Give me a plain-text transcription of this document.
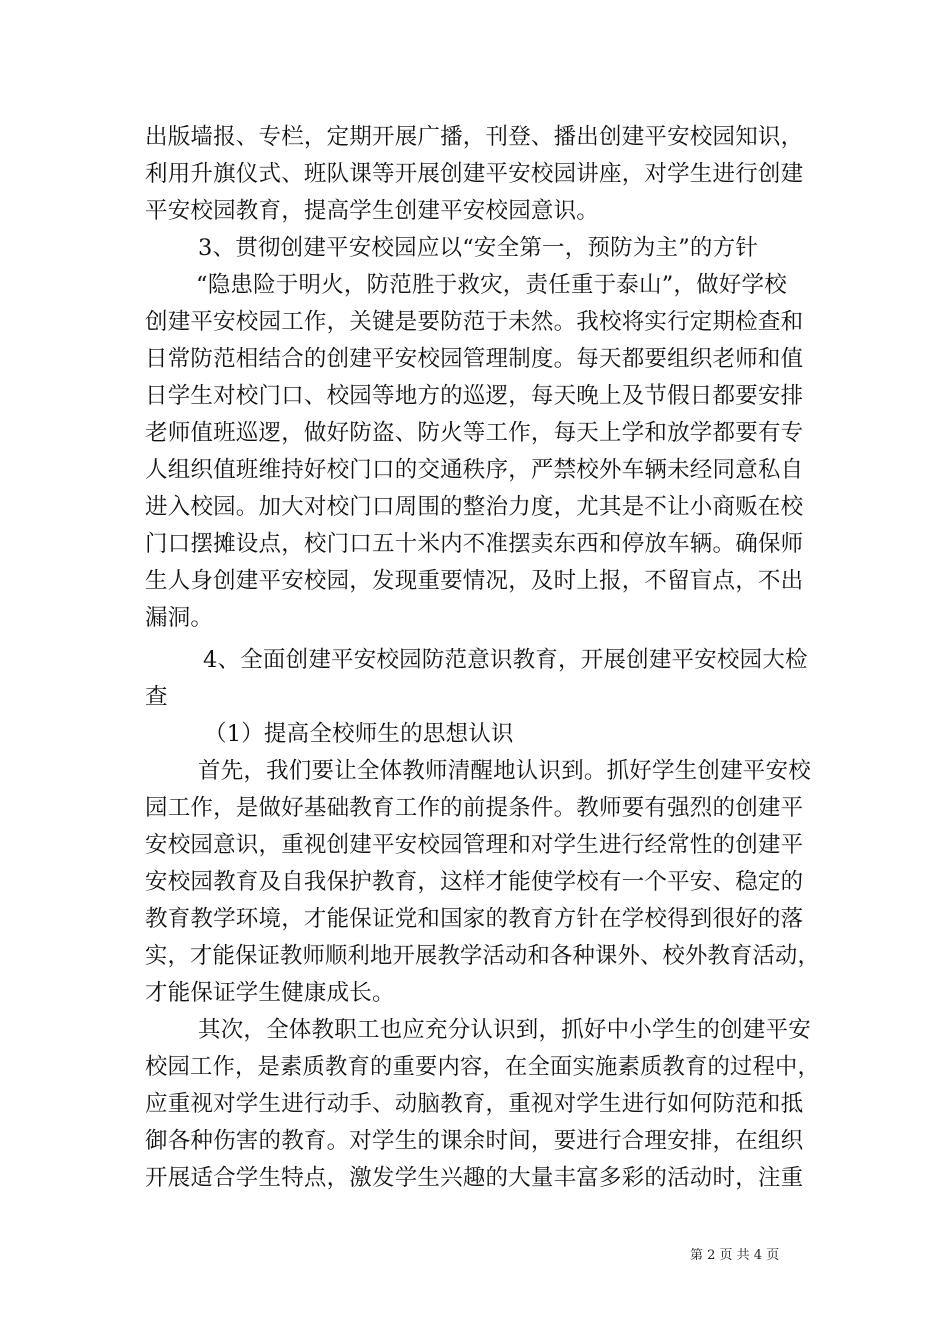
出版墙报、专栏，定期开展广播，刊登、播出创建平安校园知识，
利用升旗仪式、班队课等开展创建平安校园讲座，对学生进行创建
平安校园教育，提高学生创建平安校园意识。
3、贯彻创建平安校园应以“安全第一，预防为主”的方针
“隐患险于明火，防范胜于救灾，责任重于泰山”，做好学校
创建平安校园工作，关键是要防范于未然。我校将实行定期检查和
日常防范相结合的创建平安校园管理制度。每天都要组织老师和值
日学生对校门口、校园等地方的巡逻，每天晚上及节假日都要安排
老师值班巡逻，做好防盗、防火等工作，每天上学和放学都要有专
人组织值班维持好校门口的交通秩序，严禁校外车辆未经同意私自
进入校园。加大对校门口周围的整治力度，尤其是不让小商贩在校
门口摆摊设点，校门口五十米内不准摆卖东西和停放车辆。确保师
生人身创建平安校园，发现重要情况，及时上报，不留盲点，不出
漏洞。
4、全面创建平安校园防范意识教育，开展创建平安校园大检
查
（1）提高全校师生的思想认识
首先，我们要让全体教师清醒地认识到。抓好学生创建平安校
园工作，是做好基础教育工作的前提条件。教师要有强烈的创建平
安校园意识，重视创建平安校园管理和对学生进行经常性的创建平
安校园教育及自我保护教育，这样才能使学校有一个平安、稳定的
教育教学环境，才能保证党和国家的教育方针在学校得到很好的落
实，才能保证教师顺利地开展教学活动和各种课外、校外教育活动，
才能保证学生健康成长。
其次，全体教职工也应充分认识到，抓好中小学生的创建平安
校园工作，是素质教育的重要内容，在全面实施素质教育的过程中，
应重视对学生进行动手、动脑教育，重视对学生进行如何防范和抵
御各种伤害的教育。对学生的课余时间，要进行合理安排，在组织
开展适合学生特点，激发学生兴趣的大量丰富多彩的活动时，注重
第 2 页 共 4 页
